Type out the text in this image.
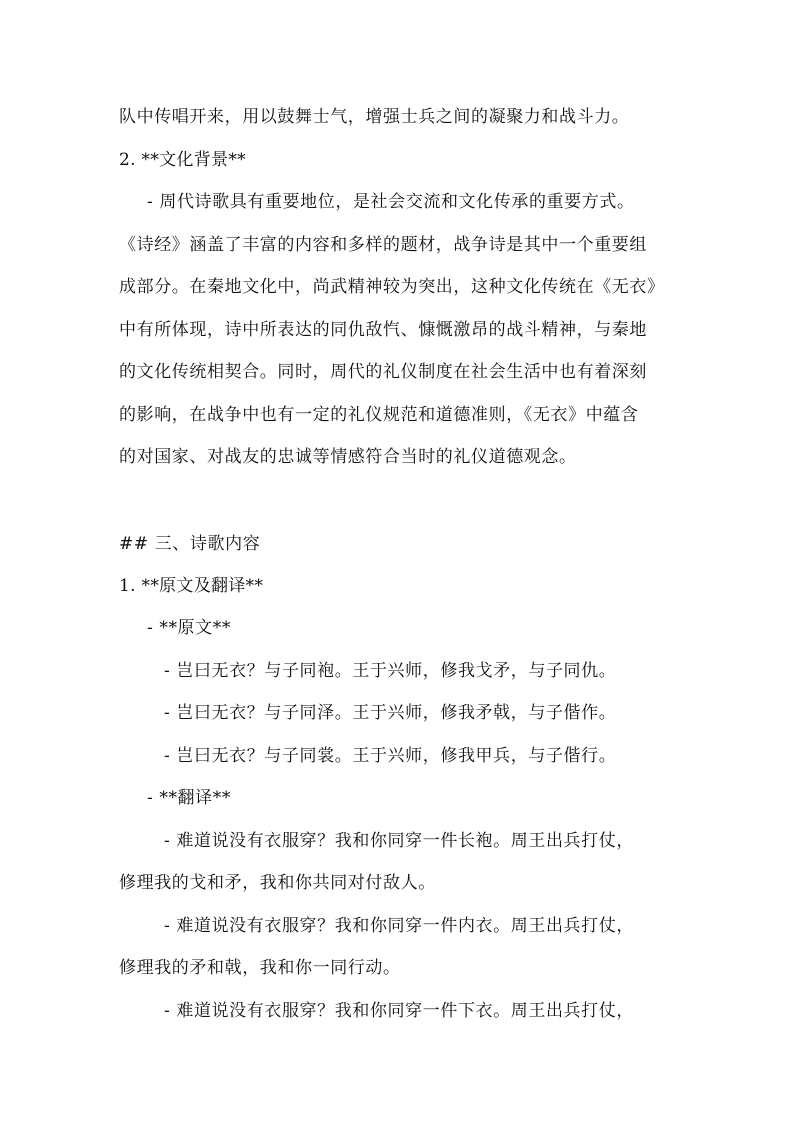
队中传唱开来，用以鼓舞士气，增强士兵之间的凝聚力和战斗力。
2. **文化背景**
- 周代诗歌具有重要地位，是社会交流和文化传承的重要方式。
《诗经》涵盖了丰富的内容和多样的题材，战争诗是其中一个重要组
成部分。在秦地文化中，尚武精神较为突出，这种文化传统在《无衣》
中有所体现，诗中所表达的同仇敌忾、慷慨激昂的战斗精神，与秦地
的文化传统相契合。同时，周代的礼仪制度在社会生活中也有着深刻
的影响，在战争中也有一定的礼仪规范和道德准则，《无衣》中蕴含
的对国家、对战友的忠诚等情感符合当时的礼仪道德观念。
## 三、诗歌内容
1. **原文及翻译**
- **原文**
- 岂曰无衣？与子同袍。王于兴师，修我戈矛，与子同仇。
- 岂曰无衣？与子同泽。王于兴师，修我矛戟，与子偕作。
- 岂曰无衣？与子同裳。王于兴师，修我甲兵，与子偕行。
- **翻译**
- 难道说没有衣服穿？我和你同穿一件长袍。周王出兵打仗，
修理我的戈和矛，我和你共同对付敌人。
- 难道说没有衣服穿？我和你同穿一件内衣。周王出兵打仗，
修理我的矛和戟，我和你一同行动。
- 难道说没有衣服穿？我和你同穿一件下衣。周王出兵打仗，
